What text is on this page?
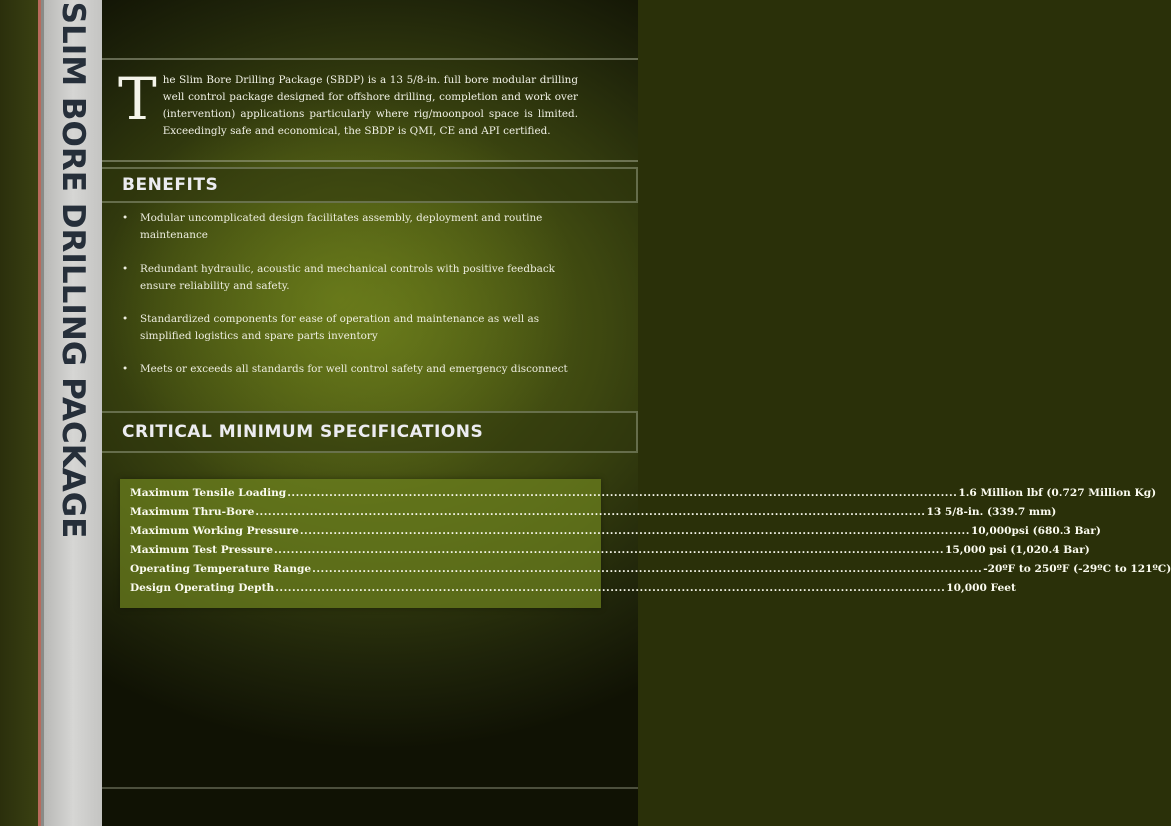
SLIM BORE DRILLING PACKAGE T he Slim Bore Drilling Package (SBDP) is a 13 5/8-in. full bore modular drilling well control package designed for offshore drilling, completion and work over (intervention) applications particularly where rig/moonpool space is limited. Exceedingly safe and economical, the SBDP is QMI, CE and API certified.
BENEFITS
• Modular uncomplicated design facilitates assembly, deployment and routine maintenance
• Redundant hydraulic, acoustic and mechanical controls with positive feedback ensure reliability and safety.
• Standardized components for ease of operation and maintenance as well as simplified logistics and spare parts inventory
• Meets or exceeds all standards for well control safety and emergency disconnect
CRITICAL MINIMUM SPECIFICATIONS
Maximum Tensile Loading ................................................................................................................................................................ 1.6 Million lbf (0.727 Million Kg)
Maximum Thru-Bore ................................................................................................................................................................ 13 5/8-in. (339.7 mm)
Maximum Working Pressure ................................................................................................................................................................ 10,000psi (680.3 Bar)
Maximum Test Pressure ................................................................................................................................................................ 15,000 psi (1,020.4 Bar)
Operating Temperature Range ................................................................................................................................................................ -20ºF to 250ºF (-29ºC to 121ºC)
Design Operating Depth ................................................................................................................................................................ 10,000 Feet
